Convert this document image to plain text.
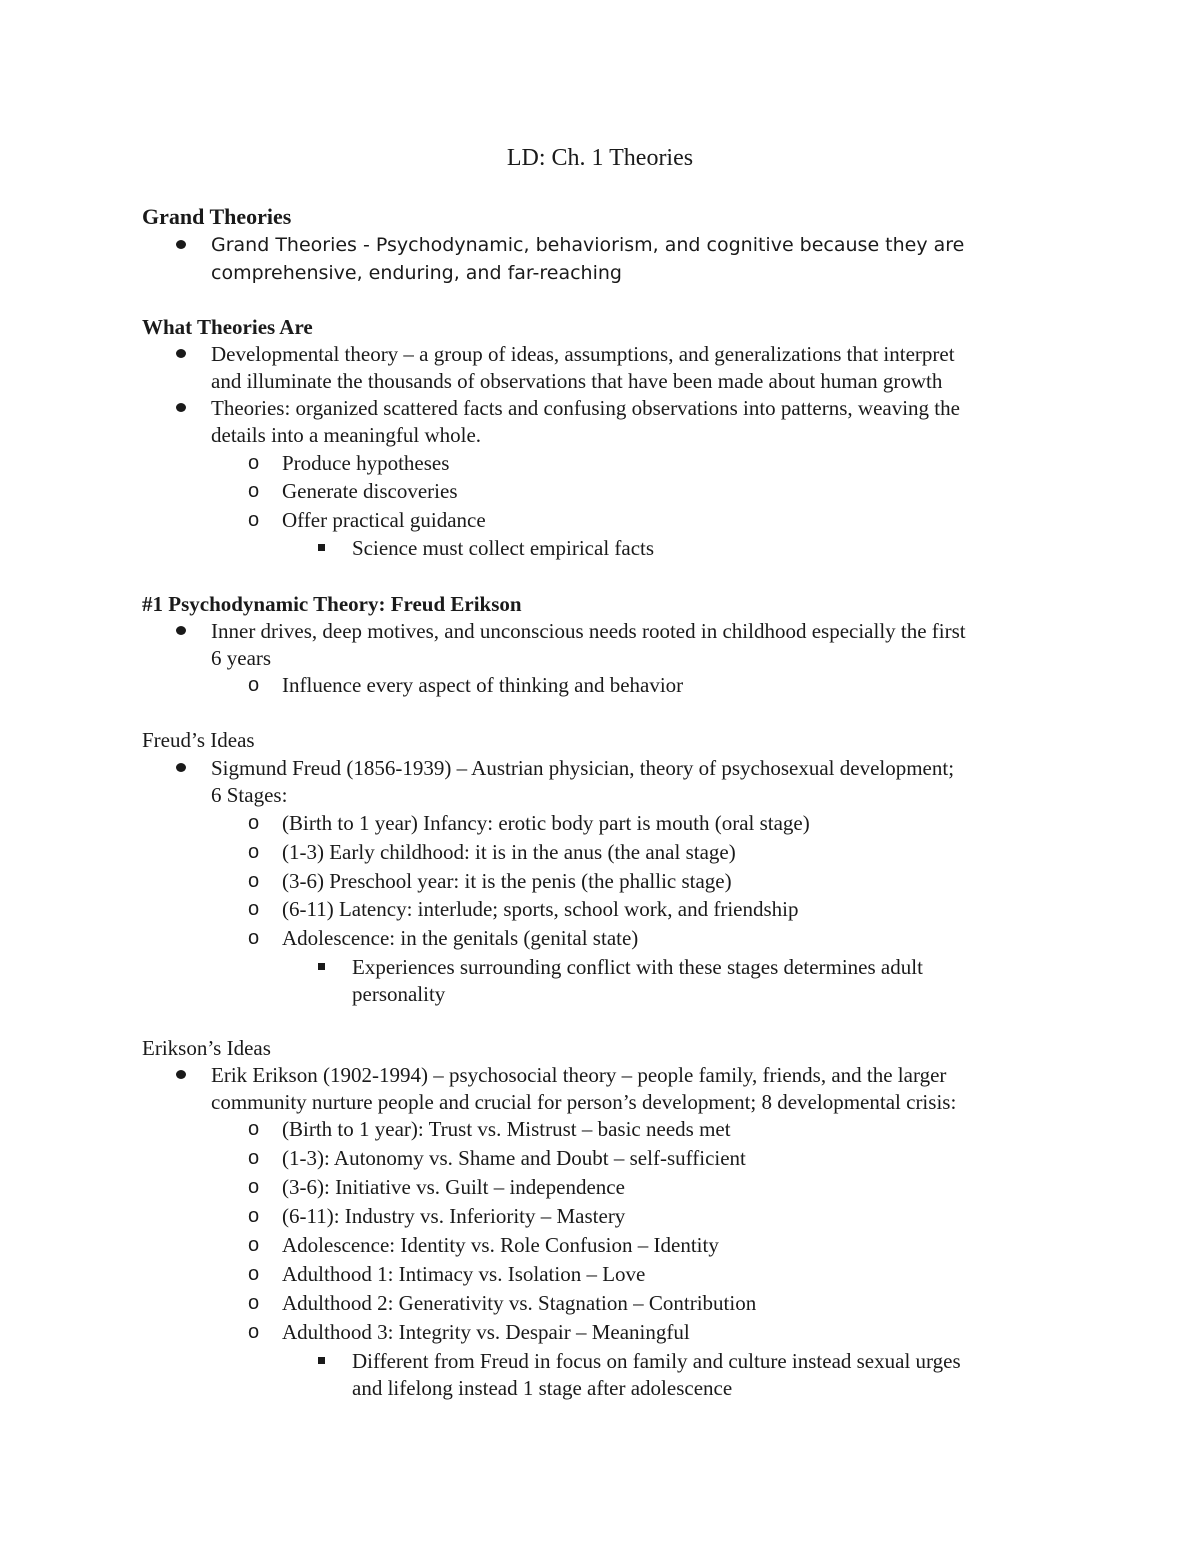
LD: Ch. 1 Theories
Grand Theories
Grand Theories - Psychodynamic, behaviorism, and cognitive because they are
comprehensive, enduring, and far-reaching
What Theories Are
Developmental theory – a group of ideas, assumptions, and generalizations that interpret
and illuminate the thousands of observations that have been made about human growth
Theories: organized scattered facts and confusing observations into patterns, weaving the
details into a meaningful whole.
o Produce hypotheses
o Generate discoveries
o Offer practical guidance
Science must collect empirical facts
#1 Psychodynamic Theory: Freud Erikson
Inner drives, deep motives, and unconscious needs rooted in childhood especially the first
6 years
o Influence every aspect of thinking and behavior
Freud’s Ideas
Sigmund Freud (1856-1939) – Austrian physician, theory of psychosexual development;
6 Stages:
o (Birth to 1 year) Infancy: erotic body part is mouth (oral stage)
o (1-3) Early childhood: it is in the anus (the anal stage)
o (3-6) Preschool year: it is the penis (the phallic stage)
o (6-11) Latency: interlude; sports, school work, and friendship
o Adolescence: in the genitals (genital state)
Experiences surrounding conflict with these stages determines adult
personality
Erikson’s Ideas
Erik Erikson (1902-1994) – psychosocial theory – people family, friends, and the larger
community nurture people and crucial for person’s development; 8 developmental crisis:
o (Birth to 1 year): Trust vs. Mistrust – basic needs met
o (1-3): Autonomy vs. Shame and Doubt – self-sufficient
o (3-6): Initiative vs. Guilt – independence
o (6-11): Industry vs. Inferiority – Mastery
o Adolescence: Identity vs. Role Confusion – Identity
o Adulthood 1: Intimacy vs. Isolation – Love
o Adulthood 2: Generativity vs. Stagnation – Contribution
o Adulthood 3: Integrity vs. Despair – Meaningful
Different from Freud in focus on family and culture instead sexual urges
and lifelong instead 1 stage after adolescence
